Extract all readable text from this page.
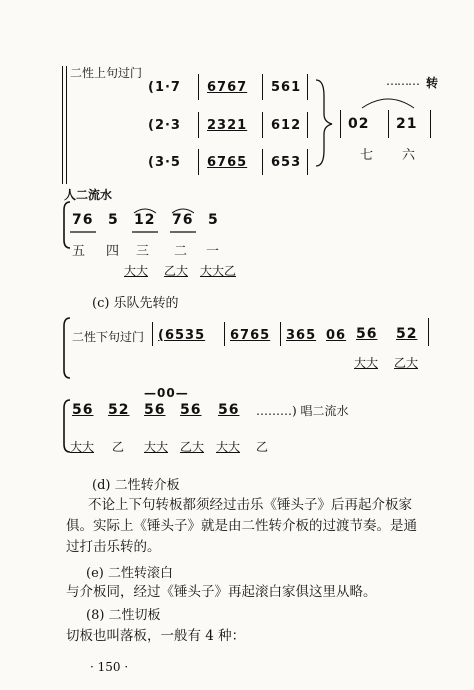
二性上句过门
(1·7 6767 561
(2·3 2321 612
(3·5 6765 653
……… 转
02 21
七 六
人二流水
76 5 12 76 5
五 四 三 二 一
大大 乙大 大大乙
(c) 乐队先转的
二性下句过门 (6535 6765 365 06 56 52
大大 乙大
—00—
56 52 56 56 56 ………) 唱二流水
大大 乙 大大 乙大 大大 乙
(d) 二性转介板
不论上下句转板都须经过击乐《锤头子》后再起介板家
俱。实际上《锤头子》就是由二性转介板的过渡节奏。是通
过打击乐转的。
(e) 二性转滚白
与介板同，经过《锤头子》再起滚白家俱这里从略。
(8) 二性切板
切板也叫落板，一般有 4 种：
· 150 ·
